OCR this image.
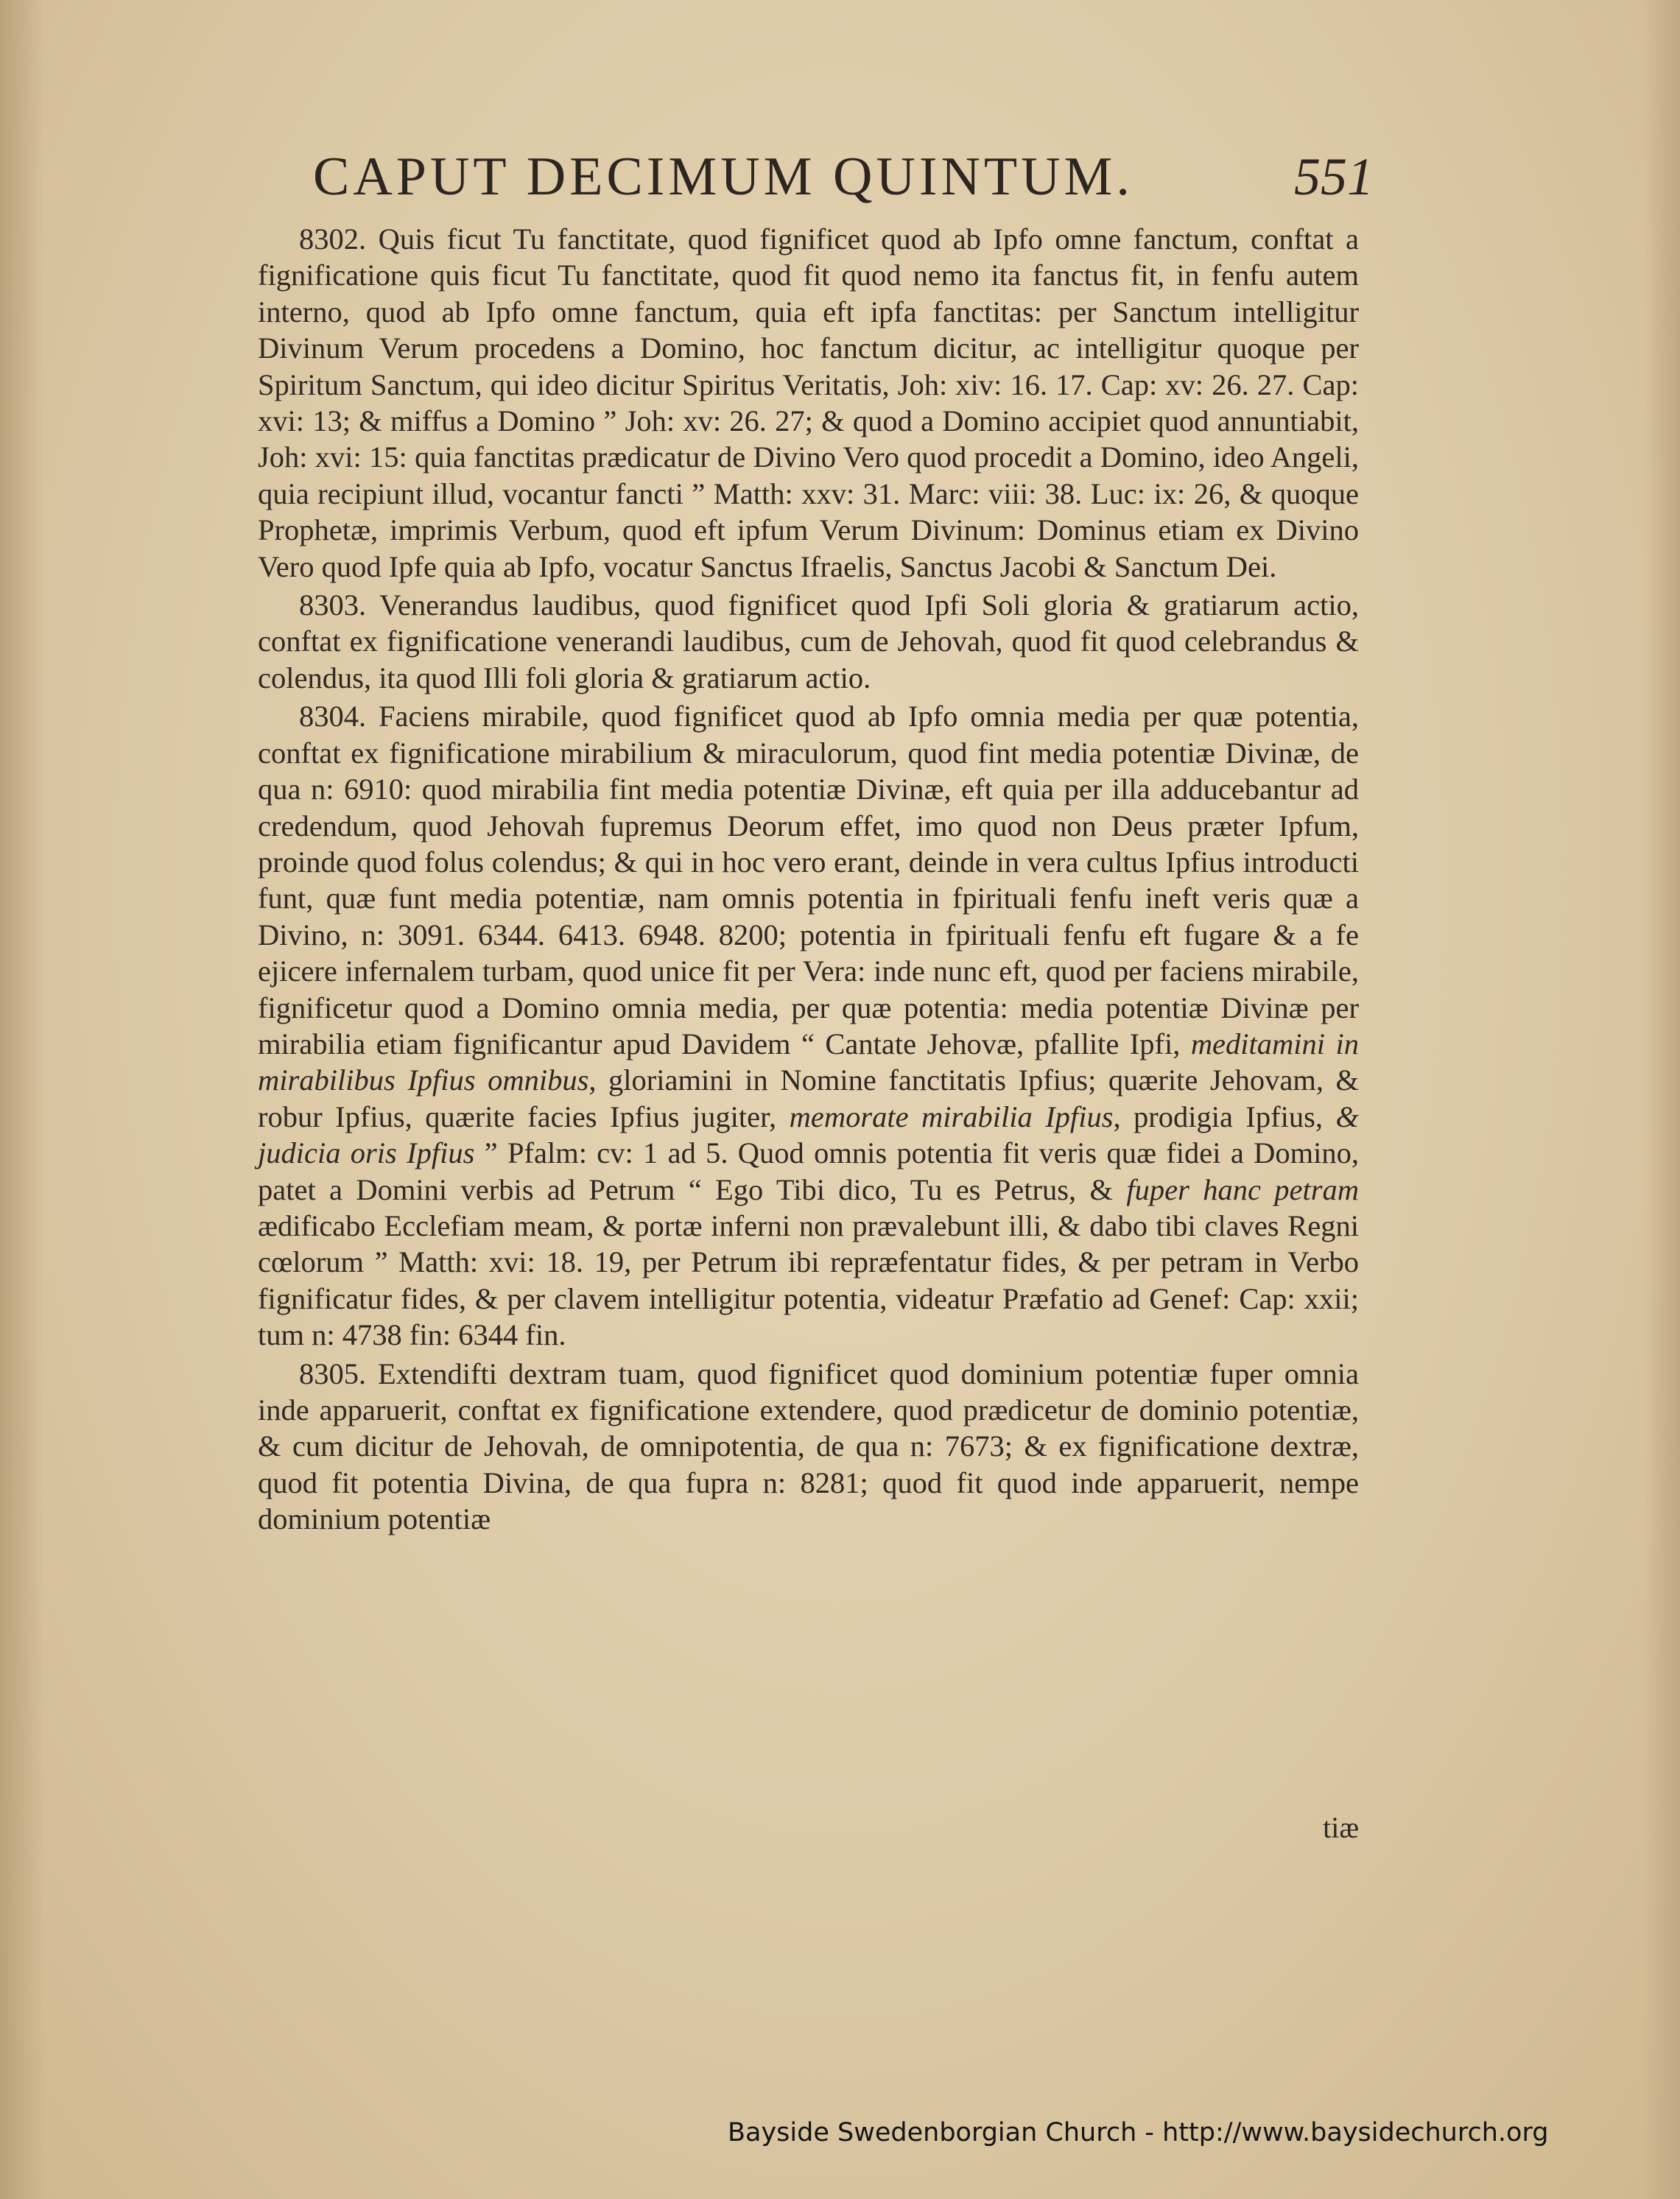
CAPUT DECIMUM QUINTUM.	551

8302. Quis ficut Tu fanctitate, quod fignificet quod ab Ipfo omne fanctum, conftat a fignificatione quis ficut Tu fanctitate, quod fit quod nemo ita fanctus fit, in fenfu autem interno, quod ab Ipfo omne fanctum, quia eft ipfa fanctitas: per Sanctum intelligitur Divinum Verum procedens a Domino, hoc fanctum dicitur, ac intelligitur quoque per Spiritum Sanctum, qui ideo dicitur Spiritus Veritatis, Joh: xiv: 16. 17. Cap: xv: 26. 27. Cap: xvi: 13; & miffus a Domino ” Joh: xv: 26. 27; & quod a Domino accipiet quod annuntiabit, Joh: xvi: 15: quia fanctitas prædicatur de Divino Vero quod procedit a Domino, ideo Angeli, quia recipiunt illud, vocantur fancti ” Matth: xxv: 31. Marc: viii: 38. Luc: ix: 26, & quoque Prophetæ, imprimis Verbum, quod eft ipfum Verum Divinum: Dominus etiam ex Divino Vero quod Ipfe quia ab Ipfo, vocatur Sanctus Ifraelis, Sanctus Jacobi & Sanctum Dei.

8303. Venerandus laudibus, quod fignificet quod Ipfi Soli gloria & gratiarum actio, conftat ex fignificatione venerandi laudibus, cum de Jehovah, quod fit quod celebrandus & colendus, ita quod Illi foli gloria & gratiarum actio.

8304. Faciens mirabile, quod fignificet quod ab Ipfo omnia media per quæ potentia, conftat ex fignificatione mirabilium & miraculorum, quod fint media potentiæ Divinæ, de qua n: 6910: quod mirabilia fint media potentiæ Divinæ, eft quia per illa adducebantur ad credendum, quod Jehovah fupremus Deorum effet, imo quod non Deus præter Ipfum, proinde quod folus colendus; & qui in hoc vero erant, deinde in vera cultus Ipfius introducti funt, quæ funt media potentiæ, nam omnis potentia in fpirituali fenfu ineft veris quæ a Divino, n: 3091. 6344. 6413. 6948. 8200; potentia in fpirituali fenfu eft fugare & a fe ejicere infernalem turbam, quod unice fit per Vera: inde nunc eft, quod per faciens mirabile, fignificetur quod a Domino omnia media, per quæ potentia: media potentiæ Divinæ per mirabilia etiam fignificantur apud Davidem “ Cantate Jehovæ, pfallite Ipfi, meditamini in mirabilibus Ipfius omnibus, gloriamini in Nomine fanctitatis Ipfius; quærite Jehovam, & robur Ipfius, quærite facies Ipfius jugiter, memorate mirabilia Ipfius, prodigia Ipfius, & judicia oris Ipfius ” Pfalm: cv: 1 ad 5. Quod omnis potentia fit veris quæ fidei a Domino, patet a Domini verbis ad Petrum “ Ego Tibi dico, Tu es Petrus, & fuper hanc petram ædificabo Ecclefiam meam, & portæ inferni non prævalebunt illi, & dabo tibi claves Regni cœlorum ” Matth: xvi: 18. 19, per Petrum ibi repræfentatur fides, & per petram in Verbo fignificatur fides, & per clavem intelligitur potentia, videatur Præfatio ad Genef: Cap: xxii; tum n: 4738 fin: 6344 fin.

8305. Extendifti dextram tuam, quod fignificet quod dominium potentiæ fuper omnia inde apparuerit, conftat ex fignificatione extendere, quod prædicetur de dominio potentiæ, & cum dicitur de Jehovah, de omnipotentia, de qua n: 7673; & ex fignificatione dextræ, quod fit potentia Divina, de qua fupra n: 8281; quod fit quod inde apparuerit, nempe dominium potentiæ

tiæ
Bayside Swedenborgian Church - http://www.baysidechurch.org
